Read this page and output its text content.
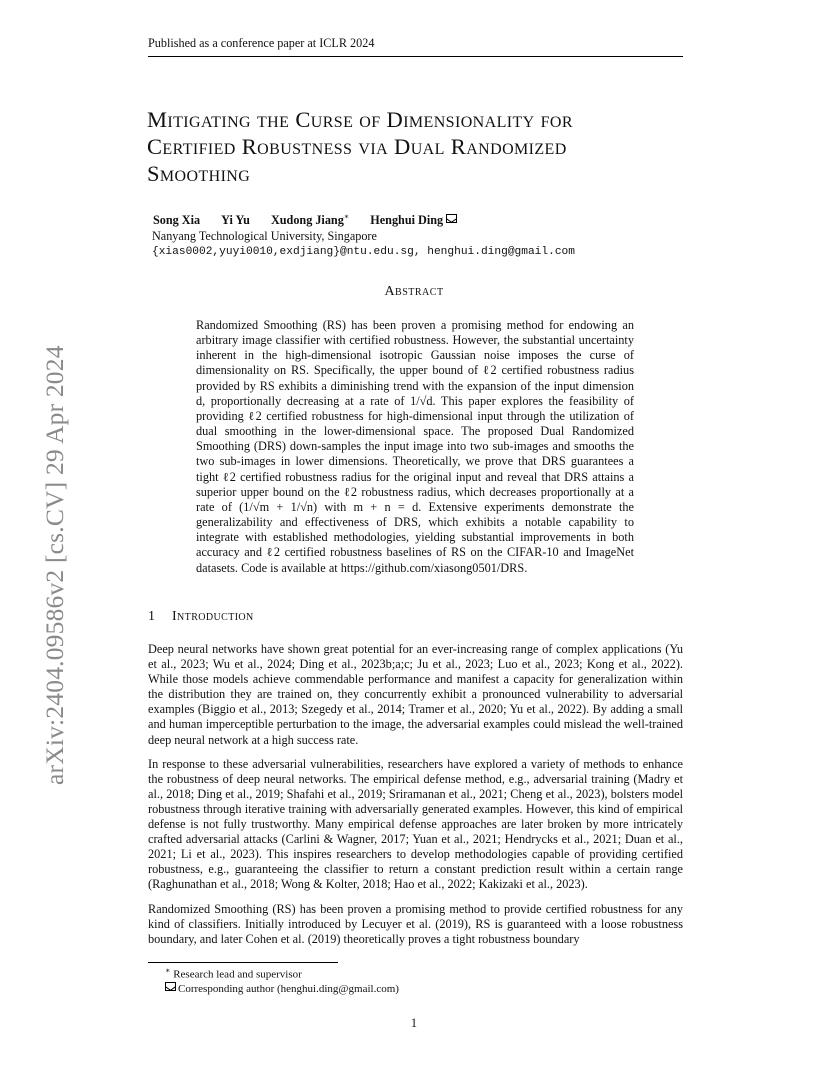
Published as a conference paper at ICLR 2024
arXiv:2404.09586v2 [cs.CV] 29 Apr 2024
Mitigating the Curse of Dimensionality for
Certified Robustness via Dual Randomized
Smoothing
Song Xia Yi Yu Xudong Jiang∗ Henghui Ding
Nanyang Technological University, Singapore
{xias0002,yuyi0010,exdjiang}@ntu.edu.sg, henghui.ding@gmail.com
Abstract
Randomized Smoothing (RS) has been proven a promising method for endowing an arbitrary image classifier with certified robustness. However, the substantial uncertainty inherent in the high-dimensional isotropic Gaussian noise imposes the curse of dimensionality on RS. Specifically, the upper bound of ℓ2 certified robustness radius provided by RS exhibits a diminishing trend with the expansion of the input dimension d, proportionally decreasing at a rate of 1/√d. This paper explores the feasibility of providing ℓ2 certified robustness for high-dimensional input through the utilization of dual smoothing in the lower-dimensional space. The proposed Dual Randomized Smoothing (DRS) down-samples the input image into two sub-images and smooths the two sub-images in lower dimensions. Theoretically, we prove that DRS guarantees a tight ℓ2 certified robustness radius for the original input and reveal that DRS attains a superior upper bound on the ℓ2 robustness radius, which decreases proportionally at a rate of (1/√m + 1/√n) with m + n = d. Extensive experiments demonstrate the generalizability and effectiveness of DRS, which exhibits a notable capability to integrate with established methodologies, yielding substantial improvements in both accuracy and ℓ2 certified robustness baselines of RS on the CIFAR-10 and ImageNet datasets. Code is available at https://github.com/xiasong0501/DRS.
1 Introduction

Deep neural networks have shown great potential for an ever-increasing range of complex applications (Yu et al., 2023; Wu et al., 2024; Ding et al., 2023b;a;c; Ju et al., 2023; Luo et al., 2023; Kong et al., 2022). While those models achieve commendable performance and manifest a capacity for generalization within the distribution they are trained on, they concurrently exhibit a pronounced vulnerability to adversarial examples (Biggio et al., 2013; Szegedy et al., 2014; Tramer et al., 2020; Yu et al., 2022). By adding a small and human imperceptible perturbation to the image, the adversarial examples could mislead the well-trained deep neural network at a high success rate.

In response to these adversarial vulnerabilities, researchers have explored a variety of methods to enhance the robustness of deep neural networks. The empirical defense method, e.g., adversarial training (Madry et al., 2018; Ding et al., 2019; Shafahi et al., 2019; Sriramanan et al., 2021; Cheng et al., 2023), bolsters model robustness through iterative training with adversarially generated examples. However, this kind of empirical defense is not fully trustworthy. Many empirical defense approaches are later broken by more intricately crafted adversarial attacks (Carlini & Wagner, 2017; Yuan et al., 2021; Hendrycks et al., 2021; Duan et al., 2021; Li et al., 2023). This inspires researchers to develop methodologies capable of providing certified robustness, e.g., guaranteeing the classifier to return a constant prediction result within a certain range (Raghunathan et al., 2018; Wong & Kolter, 2018; Hao et al., 2022; Kakizaki et al., 2023).

Randomized Smoothing (RS) has been proven a promising method to provide certified robustness for any kind of classifiers. Initially introduced by Lecuyer et al. (2019), RS is guaranteed with a loose robustness boundary, and later Cohen et al. (2019) theoretically proves a tight robustness boundary

∗ Research lead and supervisor
Corresponding author (henghui.ding@gmail.com)
1
